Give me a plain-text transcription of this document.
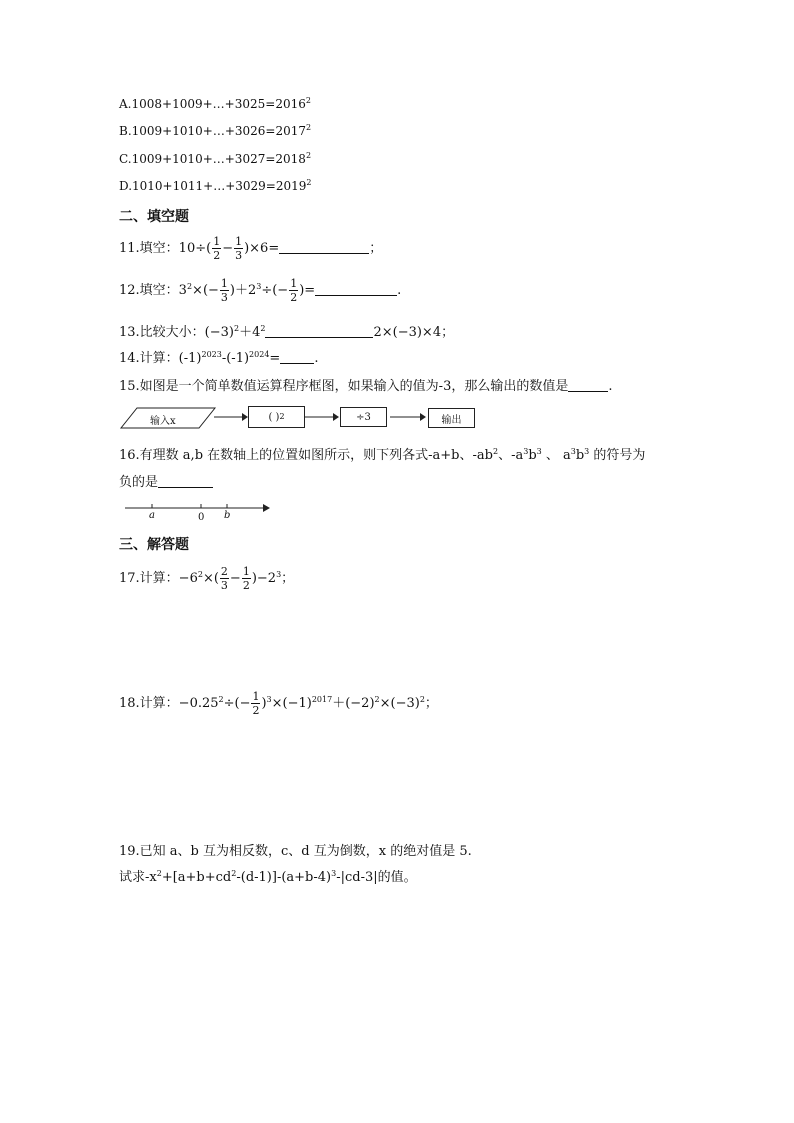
$A.1008+1009+\dots+3025=2016^2$
$B.1009+1010+\dots+3026=2017^2$
$C.1009+1010+\dots+3027=2018^2$
$D.1010+1011+\dots+3029=2019^2$
二、填空题
11.填空：$10\div( \frac{1}{2} - \frac{1}{3} )\times 6=$	；
12.填空：$3^2\times(- \frac{1}{3} )+2^3\div(- \frac{1}{2}$ )=	.
13.比较大小：$(-3)^2+4^2$	2×(−3)×4；
14.计算：$(-1)^{2023}-(-1)^{2024}=$	.
15.如图是一个简单数值运算程序框图，如果输入的值为-3，那么输出的数值是	.
输入x	( ) 2	÷3	输出
16.有理数 a,b 在数轴上的位置如图所示，则下列各式-a+b、$-ab^2$、$-a^3b^3$ 、 $a^3b^3$ 的符号为
负的是
a	0 b
三、解答题
17.计算：$-6^2\times( \frac{2}{3} - \frac{1}{2} )-2^3$；
18.计算：$-0.25^2\div(- \frac{1}{2} )^3\times(-1)^{2017}+(-2)^2\times(-3)^2$；
19.已知 a、b 互为相反数，c、d 互为倒数，x 的绝对值是 5.
试求$-x^2+[a+b+cd^2-(d-1)]-(a+b-4)^3-|cd-3|$的值。
